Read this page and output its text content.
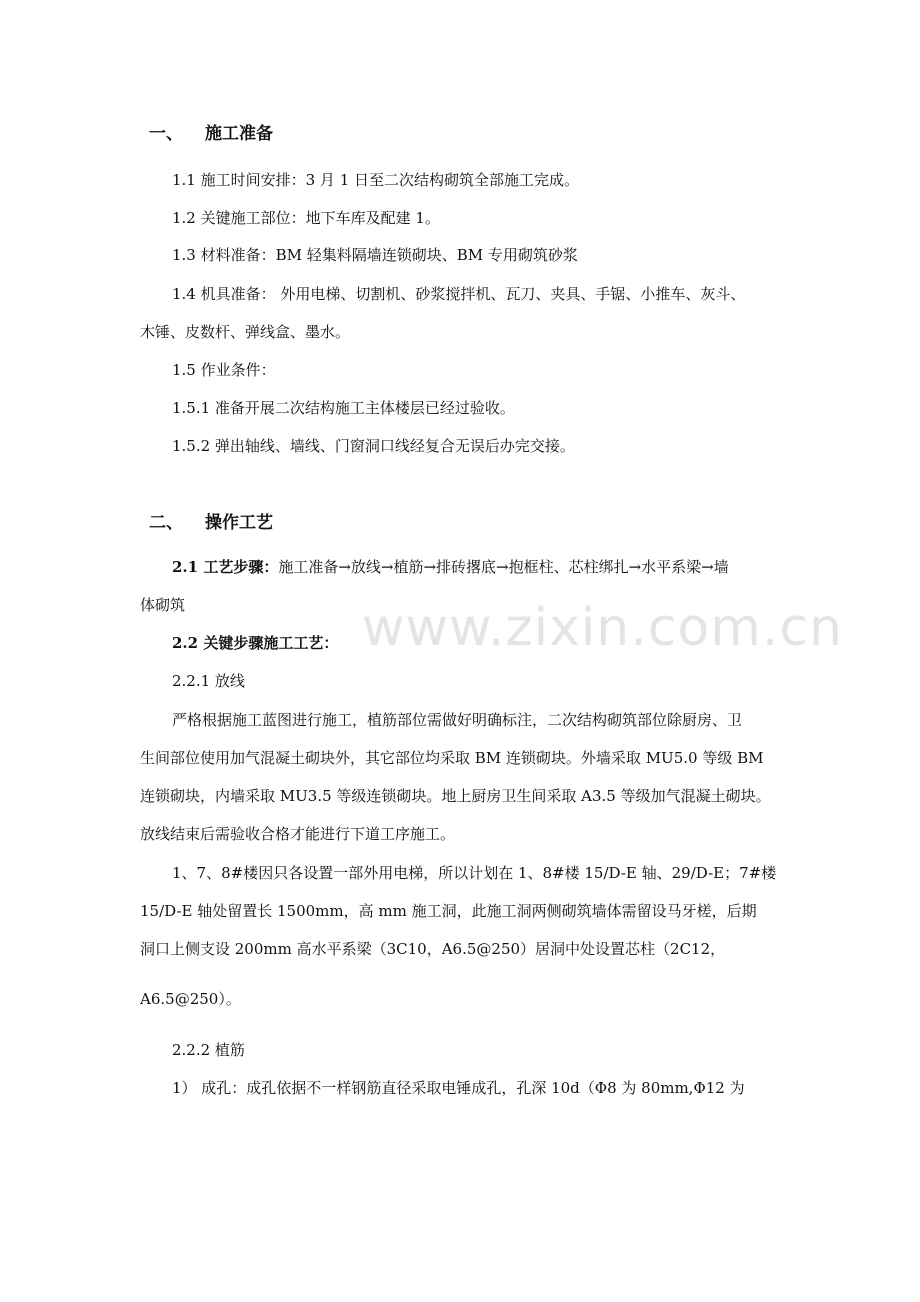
www.zixin.com.cn
一、 施工准备
1.1 施工时间安排：3 月 1 日至二次结构砌筑全部施工完成。
1.2 关键施工部位：地下车库及配建 1。
1.3 材料准备：BM 轻集料隔墙连锁砌块、BM 专用砌筑砂浆
1.4 机具准备： 外用电梯、切割机、砂浆搅拌机、瓦刀、夹具、手锯、小推车、灰斗、
木锤、皮数杆、弹线盒、墨水。
1.5 作业条件：
1.5.1 准备开展二次结构施工主体楼层已经过验收。
1.5.2 弹出轴线、墙线、门窗洞口线经复合无误后办完交接。
二、 操作工艺
2.1 工艺步骤：施工准备→放线→植筋→排砖撂底→抱框柱、芯柱绑扎→水平系梁→墙
体砌筑
2.2 关键步骤施工工艺：
2.2.1 放线
严格根据施工蓝图进行施工，植筋部位需做好明确标注，二次结构砌筑部位除厨房、卫
生间部位使用加气混凝土砌块外，其它部位均采取 BM 连锁砌块。外墙采取 MU5.0 等级 BM
连锁砌块，内墙采取 MU3.5 等级连锁砌块。地上厨房卫生间采取 A3.5 等级加气混凝土砌块。
放线结束后需验收合格才能进行下道工序施工。
1、7、8#楼因只各设置一部外用电梯，所以计划在 1、8#楼 15/D-E 轴、29/D-E；7#楼
15/D-E 轴处留置长 1500mm，高 mm 施工洞，此施工洞两侧砌筑墙体需留设马牙槎，后期
洞口上侧支设 200mm 高水平系梁（3C10，A6.5@250）居洞中处设置芯柱（2C12，
A6.5@250）。
2.2.2 植筋
1） 成孔：成孔依据不一样钢筋直径采取电锤成孔，孔深 10d（Φ8 为 80mm,Φ12 为
